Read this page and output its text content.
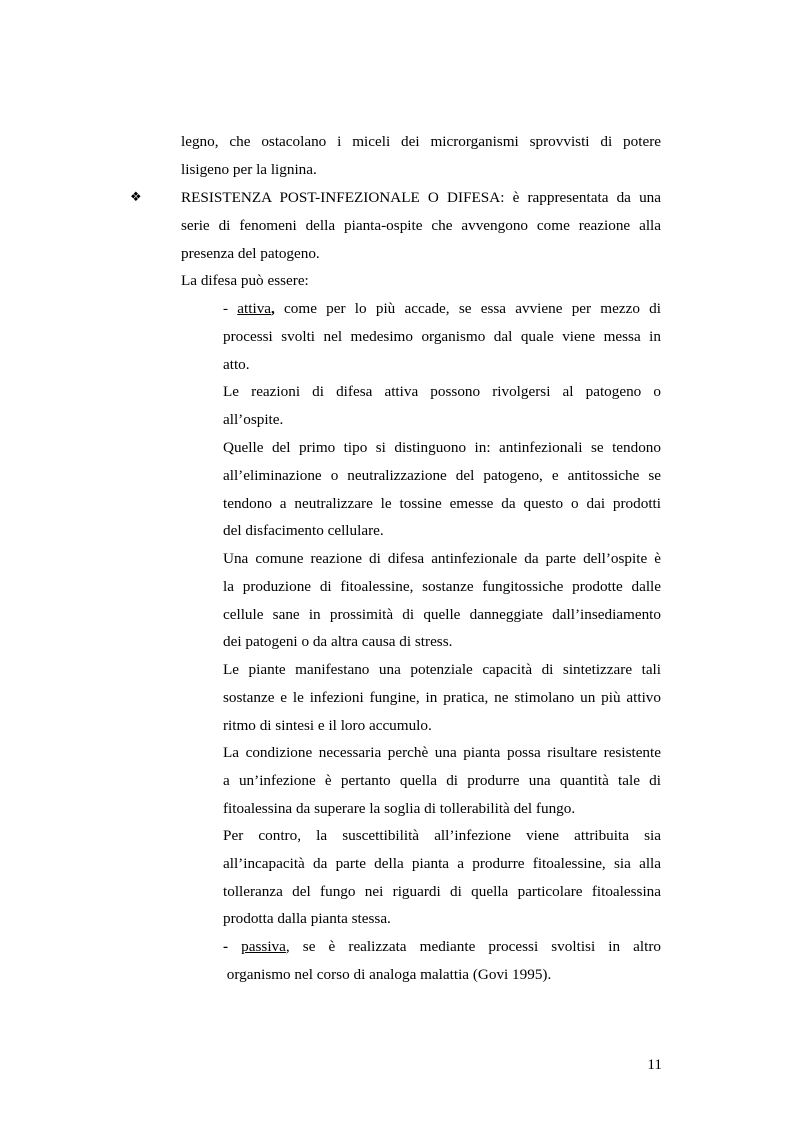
legno, che ostacolano i miceli dei microrganismi sprovvisti di potere
lisigeno per la lignina.
❖	RESISTENZA POST-INFEZIONALE O DIFESA: è rappresentata da una
serie di fenomeni della pianta-ospite che avvengono come reazione alla
presenza del patogeno.
La difesa può essere:
- attiva, come per lo più accade, se essa avviene per mezzo di
processi svolti nel medesimo organismo dal quale viene messa in
atto.
Le reazioni di difesa attiva possono rivolgersi al patogeno o
all’ospite.
Quelle del primo tipo si distinguono in: antinfezionali se tendono
all’eliminazione o neutralizzazione del patogeno, e antitossiche se
tendono a neutralizzare le tossine emesse da questo o dai prodotti
del disfacimento cellulare.
Una comune reazione di difesa antinfezionale da parte dell’ospite è
la produzione di fitoalessine, sostanze fungitossiche prodotte dalle
cellule sane in prossimità di quelle danneggiate dall’insediamento
dei patogeni o da altra causa di stress.
Le piante manifestano una potenziale capacità di sintetizzare tali
sostanze e le infezioni fungine, in pratica, ne stimolano un più attivo
ritmo di sintesi e il loro accumulo.
La condizione necessaria perchè una pianta possa risultare resistente
a un’infezione è pertanto quella di produrre una quantità tale di
fitoalessina da superare la soglia di tollerabilità del fungo.
Per contro, la suscettibilità all’infezione viene attribuita sia
all’incapacità da parte della pianta a produrre fitoalessine, sia alla
tolleranza del fungo nei riguardi di quella particolare fitoalessina
prodotta dalla pianta stessa.
- passiva, se è realizzata mediante processi svoltisi in altro
organismo nel corso di analoga malattia (Govi 1995).
11
